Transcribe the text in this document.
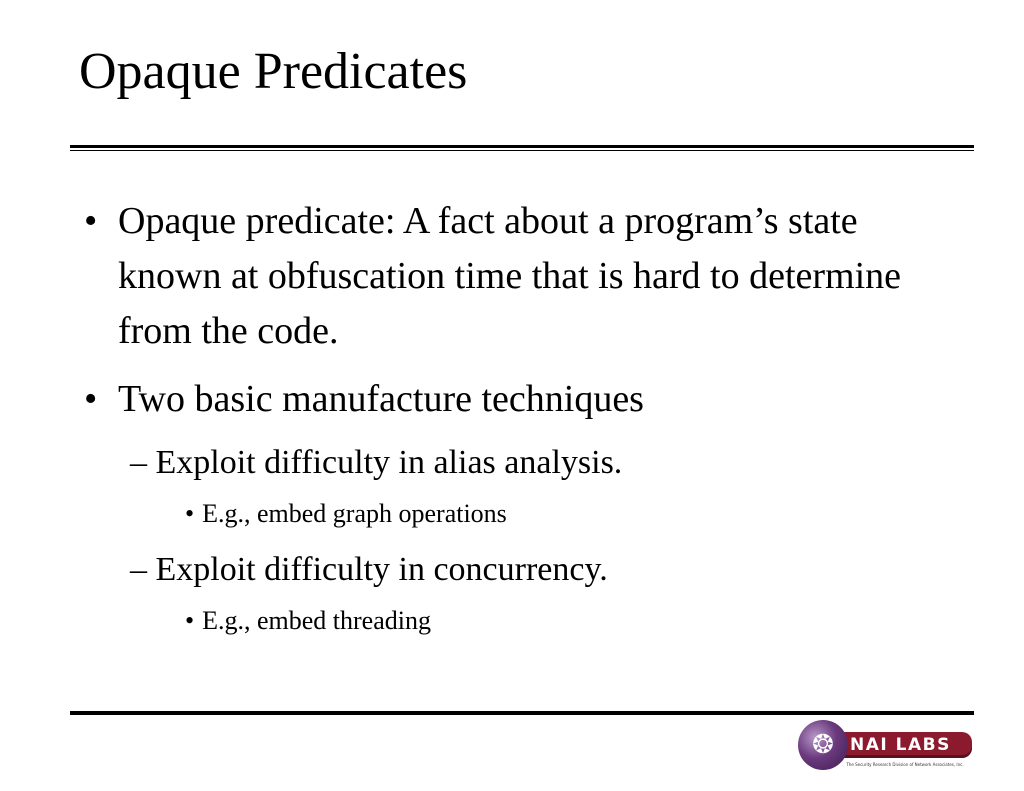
Opaque Predicates
• Opaque predicate: A fact about a program’s state known at obfuscation time that is hard to determine from the code.
• Two basic manufacture techniques
– Exploit difficulty in alias analysis.
• E.g., embed graph operations
– Exploit difficulty in concurrency.
• E.g., embed threading
❂ NAI LABS
The Security Research Division of Network Associates, Inc.
